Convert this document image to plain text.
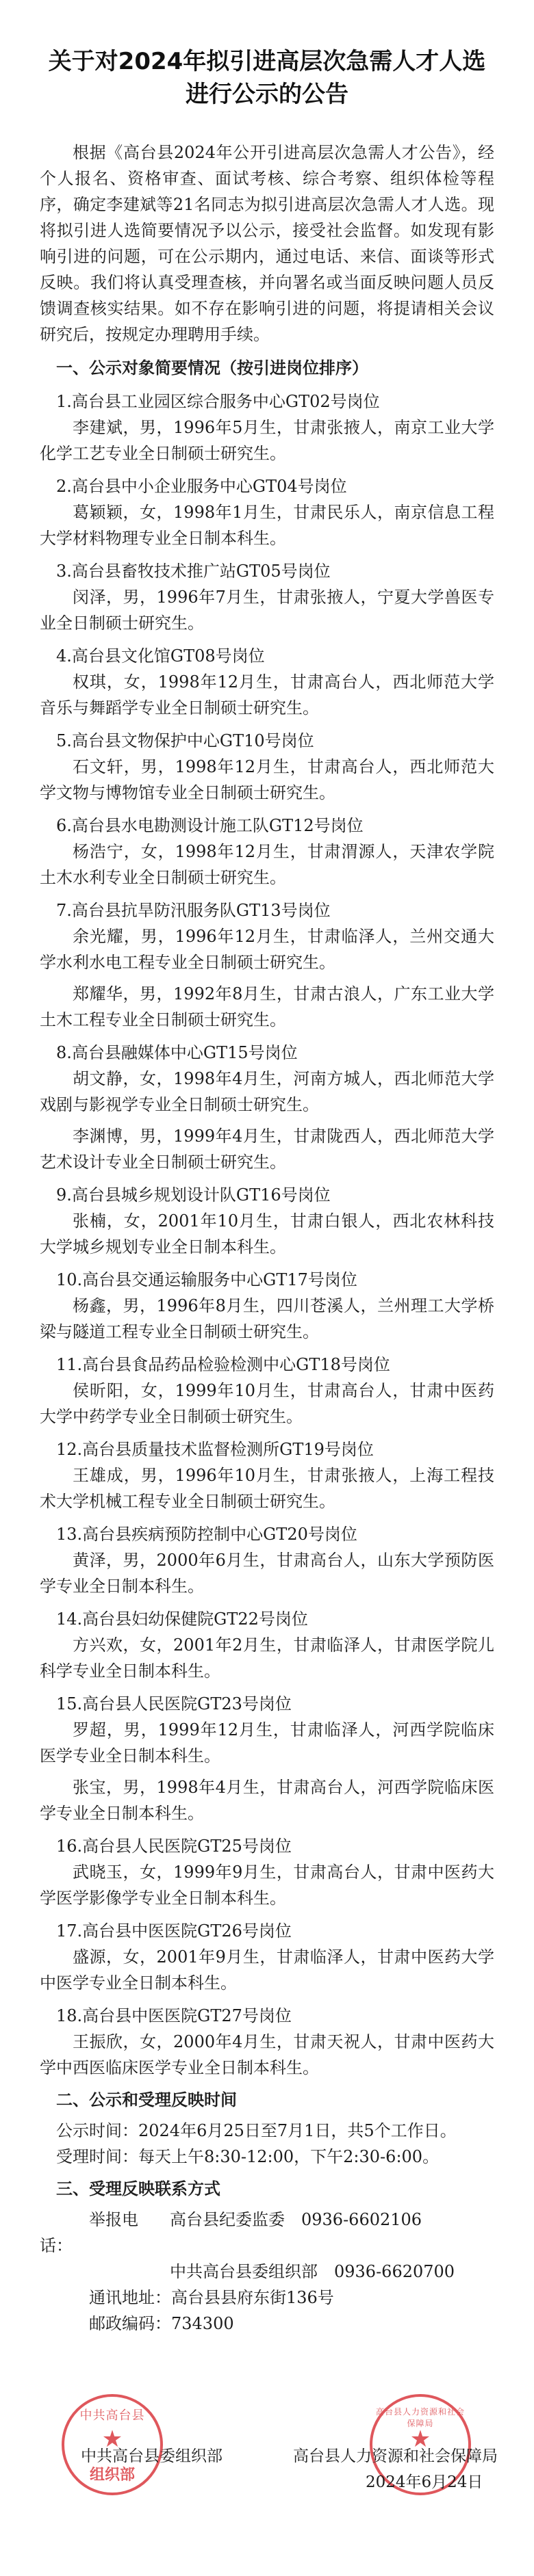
关于对2024年拟引进高层次急需人才人选
进行公示的公告

根据《高台县2024年公开引进高层次急需人才公告》，经个人报名、资格审查、面试考核、综合考察、组织体检等程序，确定李建斌等21名同志为拟引进高层次急需人才人选。现将拟引进人选简要情况予以公示，接受社会监督。如发现有影响引进的问题，可在公示期内，通过电话、来信、面谈等形式反映。我们将认真受理查核，并向署名或当面反映问题人员反馈调查核实结果。如不存在影响引进的问题，将提请相关会议研究后，按规定办理聘用手续。

一、公示对象简要情况（按引进岗位排序）

1.高台县工业园区综合服务中心GT02号岗位

李建斌，男，1996年5月生，甘肃张掖人，南京工业大学化学工艺专业全日制硕士研究生。

2.高台县中小企业服务中心GT04号岗位

葛颖颖，女，1998年1月生，甘肃民乐人，南京信息工程大学材料物理专业全日制本科生。

3.高台县畜牧技术推广站GT05号岗位

闵泽，男，1996年7月生，甘肃张掖人，宁夏大学兽医专业全日制硕士研究生。

4.高台县文化馆GT08号岗位

权琪，女，1998年12月生，甘肃高台人，西北师范大学音乐与舞蹈学专业全日制硕士研究生。

5.高台县文物保护中心GT10号岗位

石文轩，男，1998年12月生，甘肃高台人，西北师范大学文物与博物馆专业全日制硕士研究生。

6.高台县水电勘测设计施工队GT12号岗位

杨浩宁，女，1998年12月生，甘肃渭源人，天津农学院土木水利专业全日制硕士研究生。

7.高台县抗旱防汛服务队GT13号岗位

余光耀，男，1996年12月生，甘肃临泽人，兰州交通大学水利水电工程专业全日制硕士研究生。

郑耀华，男，1992年8月生，甘肃古浪人，广东工业大学土木工程专业全日制硕士研究生。

8.高台县融媒体中心GT15号岗位

胡文静，女，1998年4月生，河南方城人，西北师范大学戏剧与影视学专业全日制硕士研究生。

李渊博，男，1999年4月生，甘肃陇西人，西北师范大学艺术设计专业全日制硕士研究生。

9.高台县城乡规划设计队GT16号岗位

张楠，女，2001年10月生，甘肃白银人，西北农林科技大学城乡规划专业全日制本科生。

10.高台县交通运输服务中心GT17号岗位

杨鑫，男，1996年8月生，四川苍溪人，兰州理工大学桥梁与隧道工程专业全日制硕士研究生。

11.高台县食品药品检验检测中心GT18号岗位

侯昕阳，女，1999年10月生，甘肃高台人，甘肃中医药大学中药学专业全日制硕士研究生。

12.高台县质量技术监督检测所GT19号岗位

王雄成，男，1996年10月生，甘肃张掖人，上海工程技术大学机械工程专业全日制硕士研究生。

13.高台县疾病预防控制中心GT20号岗位

黄泽，男，2000年6月生，甘肃高台人，山东大学预防医学专业全日制本科生。

14.高台县妇幼保健院GT22号岗位

方兴欢，女，2001年2月生，甘肃临泽人，甘肃医学院儿科学专业全日制本科生。

15.高台县人民医院GT23号岗位

罗超，男，1999年12月生，甘肃临泽人，河西学院临床医学专业全日制本科生。

张宝，男，1998年4月生，甘肃高台人，河西学院临床医学专业全日制本科生。

16.高台县人民医院GT25号岗位

武晓玉，女，1999年9月生，甘肃高台人，甘肃中医药大学医学影像学专业全日制本科生。

17.高台县中医医院GT26号岗位

盛源，女，2001年9月生，甘肃临泽人，甘肃中医药大学中医学专业全日制本科生。

18.高台县中医医院GT27号岗位

王振欣，女，2000年4月生，甘肃天祝人，甘肃中医药大学中西医临床医学专业全日制本科生。

二、公示和受理反映时间

公示时间：2024年6月25日至7月1日，共5个工作日。

受理时间：每天上午8:30-12:00，下午2:30-6:00。

三、受理反映联系方式
举报电话：
高台县纪委监委　0936-6602106
中共高台县委组织部　0936-6620700

通讯地址：高台县县府东街136号

邮政编码：734300

中共高台县
★
组织部
高台县人力资源和社会保障局
★
中共高台县委组织部	高台县人力资源和社会保障局
2024年6月24日
